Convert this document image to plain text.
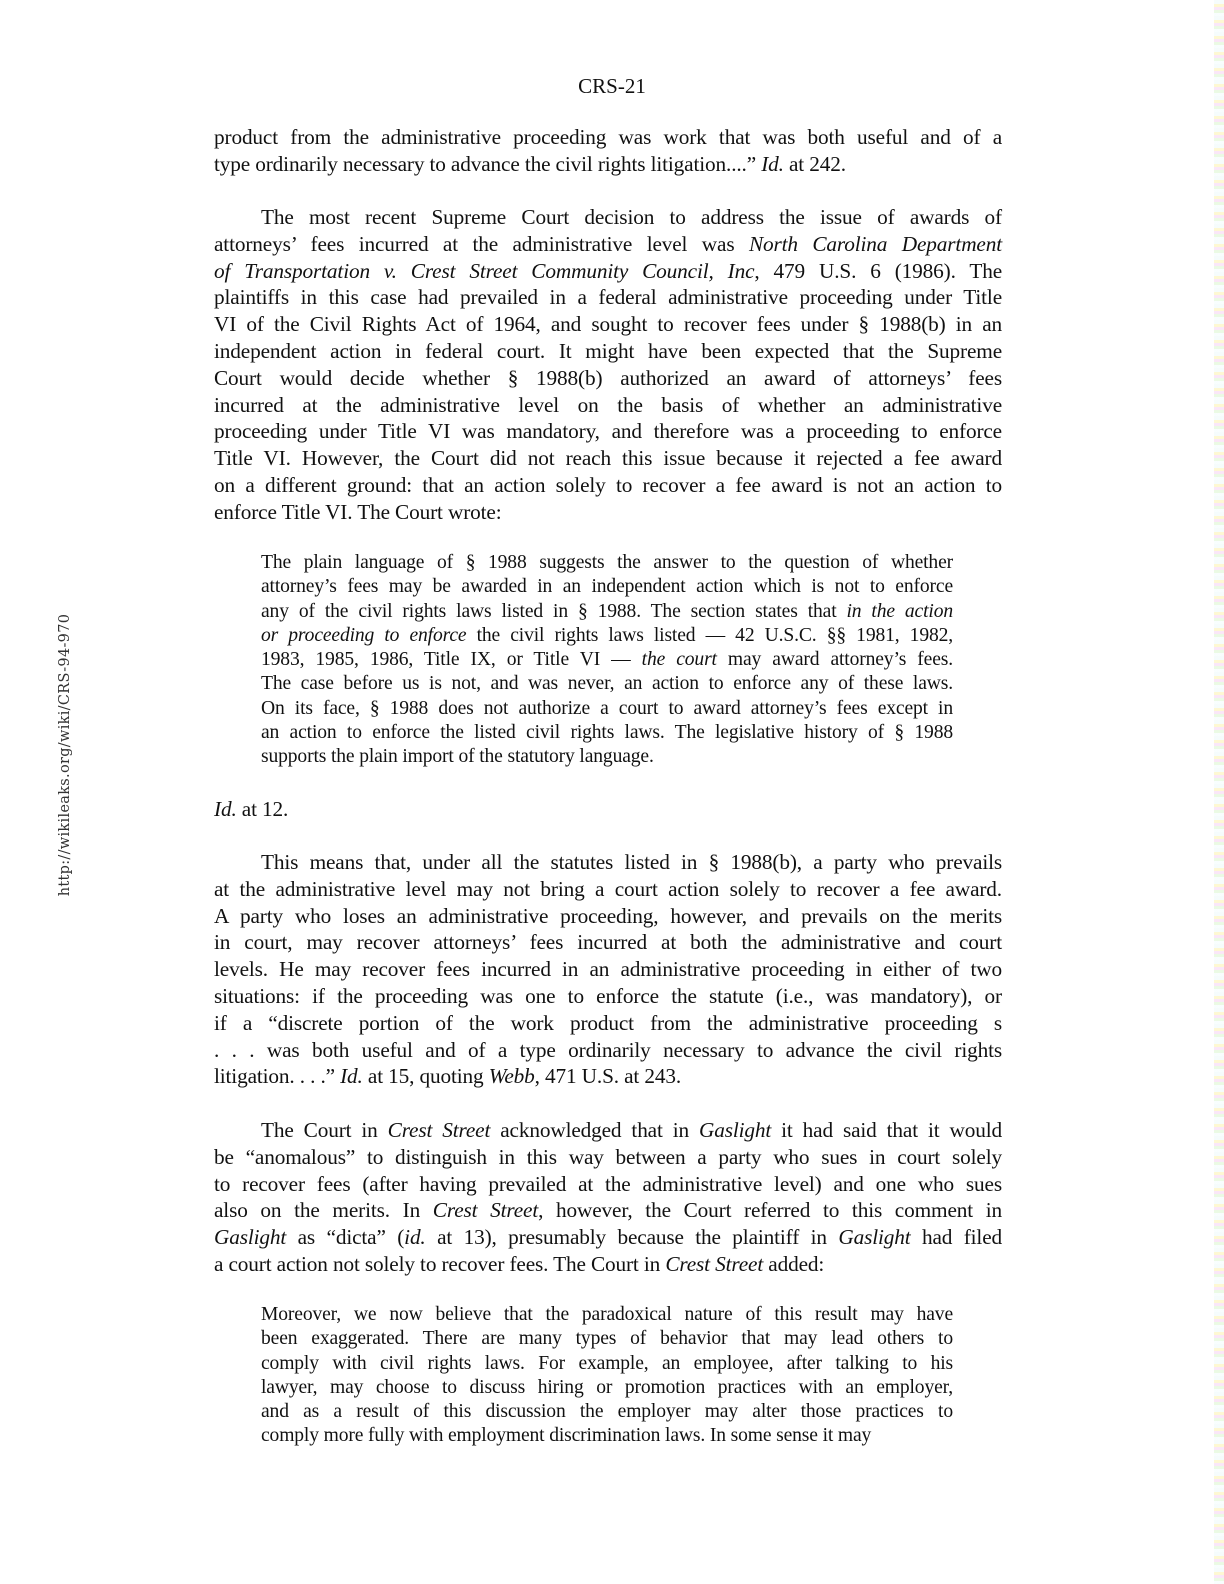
http://wikileaks.org/wiki/CRS-94-970
CRS-21
product from the administrative proceeding was work that was both useful and of a
type ordinarily necessary to advance the civil rights litigation....” Id. at 242.
The most recent Supreme Court decision to address the issue of awards of
attorneys’ fees incurred at the administrative level was North Carolina Department
of Transportation v. Crest Street Community Council, Inc, 479 U.S. 6 (1986). The
plaintiffs in this case had prevailed in a federal administrative proceeding under Title
VI of the Civil Rights Act of 1964, and sought to recover fees under § 1988(b) in an
independent action in federal court. It might have been expected that the Supreme
Court would decide whether § 1988(b) authorized an award of attorneys’ fees
incurred at the administrative level on the basis of whether an administrative
proceeding under Title VI was mandatory, and therefore was a proceeding to enforce
Title VI. However, the Court did not reach this issue because it rejected a fee award
on a different ground: that an action solely to recover a fee award is not an action to
enforce Title VI. The Court wrote:
The plain language of § 1988 suggests the answer to the question of whether
attorney’s fees may be awarded in an independent action which is not to enforce
any of the civil rights laws listed in § 1988. The section states that in the action
or proceeding to enforce the civil rights laws listed — 42 U.S.C. §§ 1981, 1982,
1983, 1985, 1986, Title IX, or Title VI — the court may award attorney’s fees.
The case before us is not, and was never, an action to enforce any of these laws.
On its face, § 1988 does not authorize a court to award attorney’s fees except in
an action to enforce the listed civil rights laws. The legislative history of § 1988
supports the plain import of the statutory language.
Id. at 12.
This means that, under all the statutes listed in § 1988(b), a party who prevails
at the administrative level may not bring a court action solely to recover a fee award.
A party who loses an administrative proceeding, however, and prevails on the merits
in court, may recover attorneys’ fees incurred at both the administrative and court
levels. He may recover fees incurred in an administrative proceeding in either of two
situations: if the proceeding was one to enforce the statute (i.e., was mandatory), or
if a “discrete portion of the work product from the administrative proceeding s
. . . was both useful and of a type ordinarily necessary to advance the civil rights
litigation. . . .” Id. at 15, quoting Webb, 471 U.S. at 243.
The Court in Crest Street acknowledged that in Gaslight it had said that it would
be “anomalous” to distinguish in this way between a party who sues in court solely
to recover fees (after having prevailed at the administrative level) and one who sues
also on the merits. In Crest Street, however, the Court referred to this comment in
Gaslight as “dicta” (id. at 13), presumably because the plaintiff in Gaslight had filed
a court action not solely to recover fees. The Court in Crest Street added:
Moreover, we now believe that the paradoxical nature of this result may have
been exaggerated. There are many types of behavior that may lead others to
comply with civil rights laws. For example, an employee, after talking to his
lawyer, may choose to discuss hiring or promotion practices with an employer,
and as a result of this discussion the employer may alter those practices to
comply more fully with employment discrimination laws. In some sense it may
